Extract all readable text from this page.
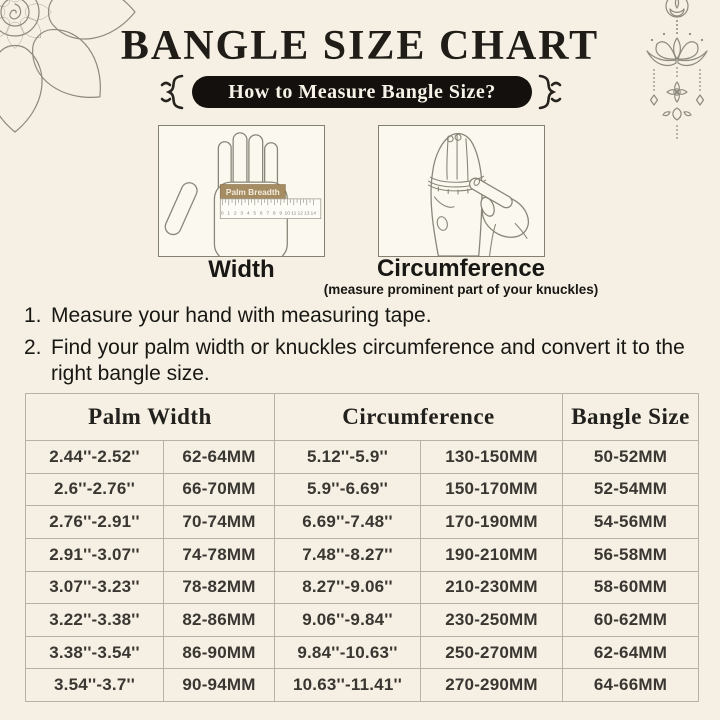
BANGLE SIZE CHART
How to Measure Bangle Size?
Palm Breadth
0 1 2 3 4 5 6 7 8 9 10 11 12 13 14
Width	Circumference
(measure prominent part of your knuckles)
1. Measure your hand with measuring tape.
2. Find your palm width or knuckles circumference and convert it to the right bangle size.
Palm Width		Circumference		Bangle Size
2.44''-2.52''	62-64MM	5.12''-5.9''	130-150MM	50-52MM
2.6''-2.76''	66-70MM	5.9''-6.69''	150-170MM	52-54MM
2.76''-2.91''	70-74MM	6.69''-7.48''	170-190MM	54-56MM
2.91''-3.07''	74-78MM	7.48''-8.27''	190-210MM	56-58MM
3.07''-3.23''	78-82MM	8.27''-9.06''	210-230MM	58-60MM
3.22''-3.38''	82-86MM	9.06''-9.84''	230-250MM	60-62MM
3.38''-3.54''	86-90MM	9.84''-10.63''	250-270MM	62-64MM
3.54''-3.7''	90-94MM	10.63''-11.41''	270-290MM	64-66MM
